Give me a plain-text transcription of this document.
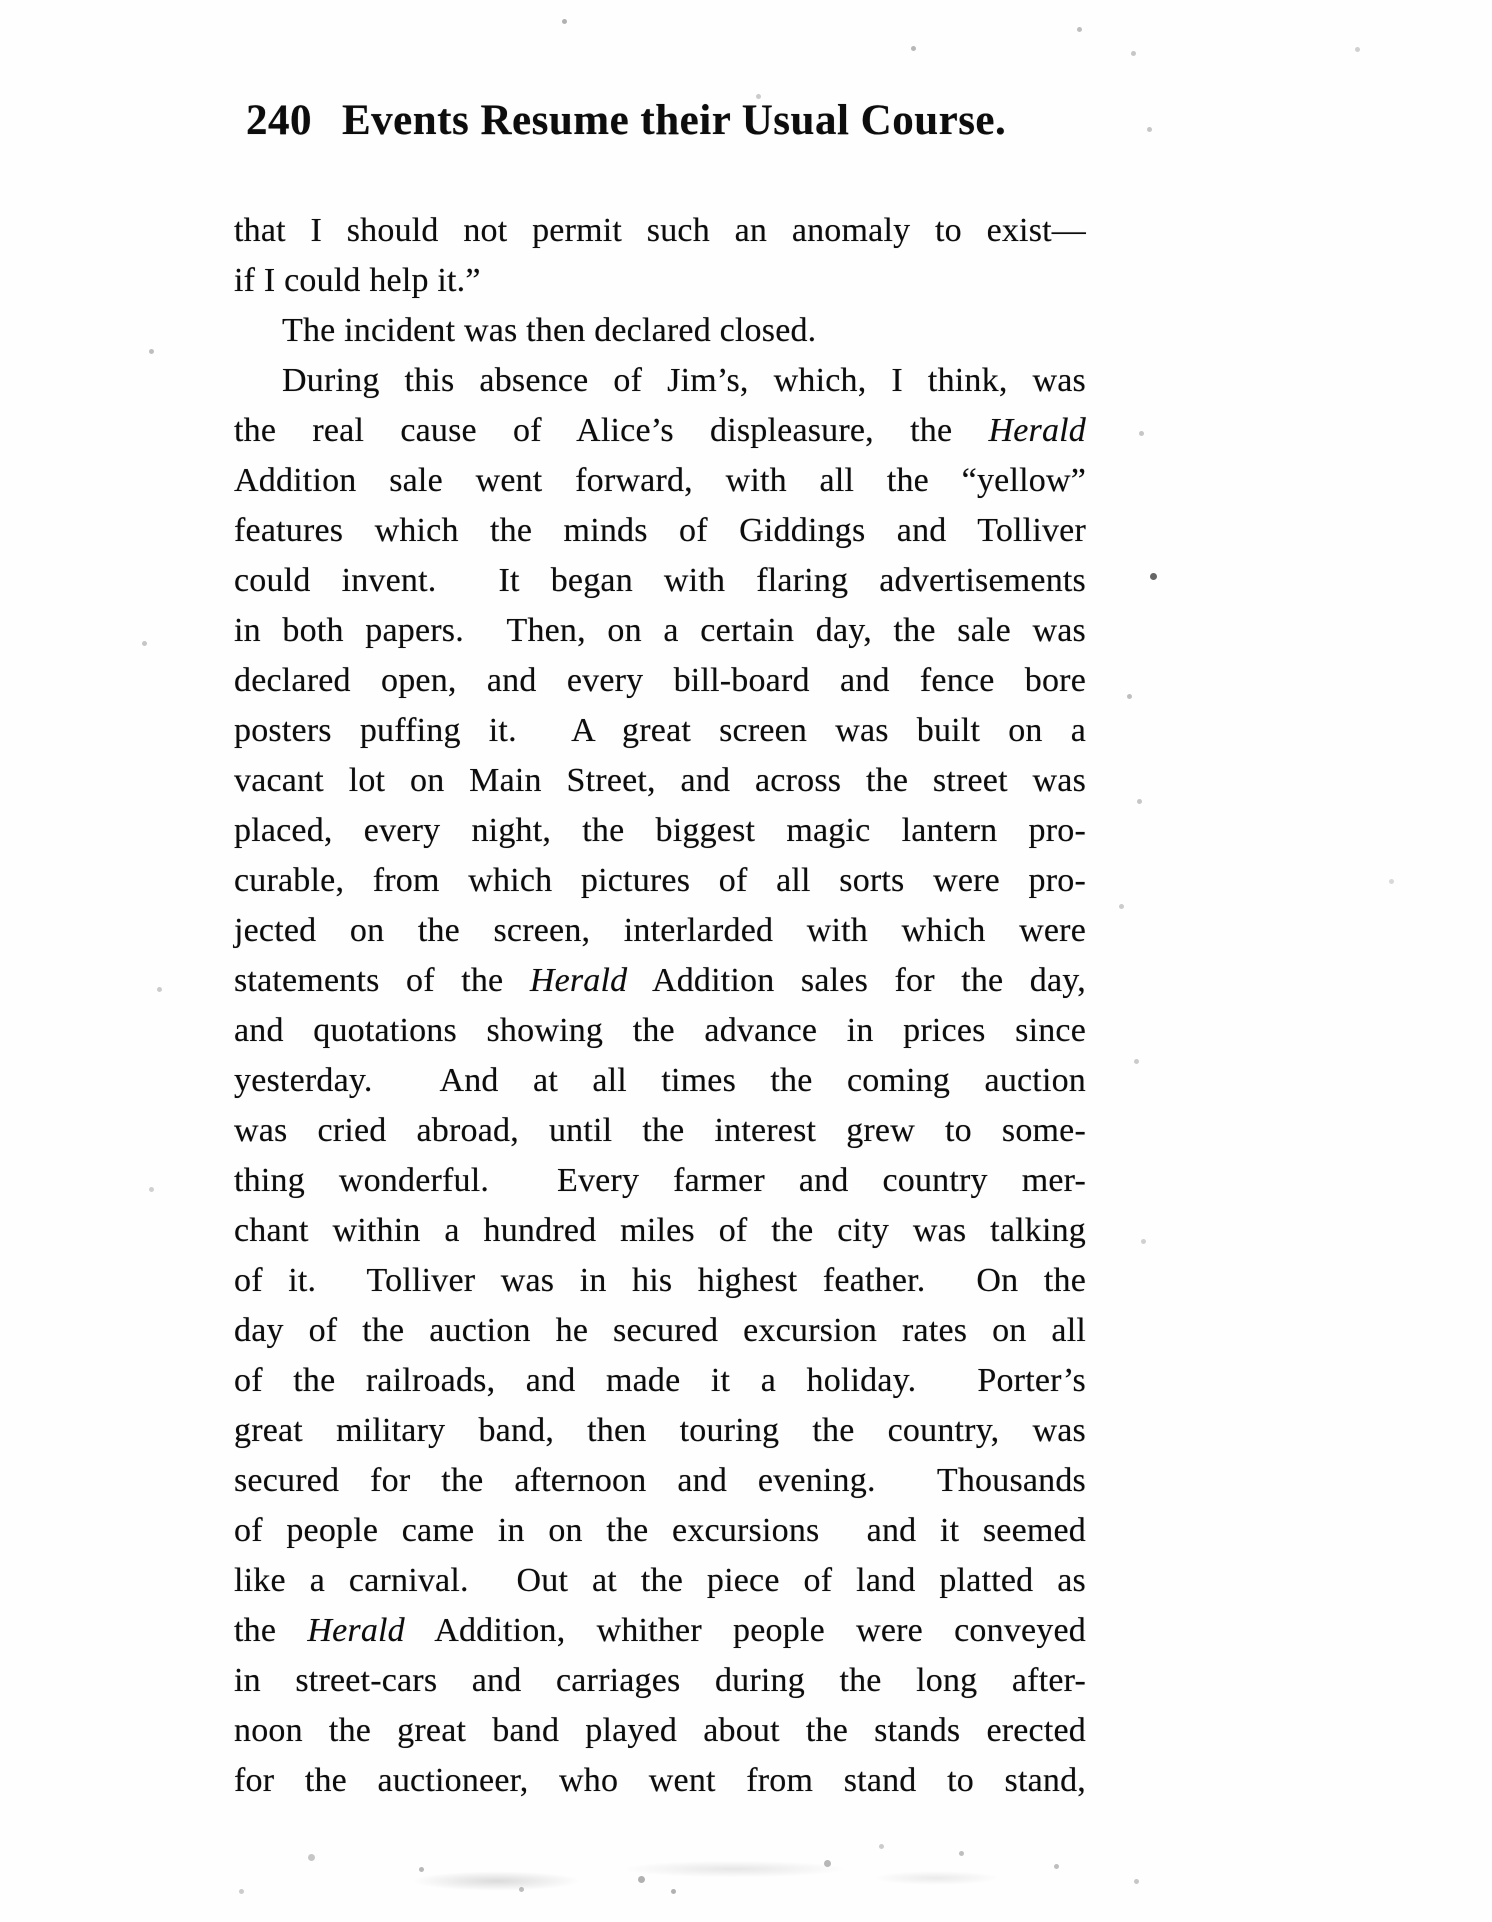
240 Events Resume their Usual Course.
that I should not permit such an anomaly to exist—
if I could help it.”
The incident was then declared closed.
During this absence of Jim’s, which, I think, was
the real cause of Alice’s displeasure, the Herald
Addition sale went forward, with all the “yellow”
features which the minds of Giddings and Tolliver
could invent.  It began with flaring advertisements
in both papers.  Then, on a certain day, the sale was
declared open, and every bill-board and fence bore
posters puffing it.  A great screen was built on a
vacant lot on Main Street, and across the street was
placed, every night, the biggest magic lantern pro-
curable, from which pictures of all sorts were pro-
jected on the screen, interlarded with which were
statements of the Herald Addition sales for the day,
and quotations showing the advance in prices since
yesterday.  And at all times the coming auction
was cried abroad, until the interest grew to some-
thing wonderful.  Every farmer and country mer-
chant within a hundred miles of the city was talking
of it.  Tolliver was in his highest feather.  On the
day of the auction he secured excursion rates on all
of the railroads, and made it a holiday.  Porter’s
great military band, then touring the country, was
secured for the afternoon and evening.  Thousands
of people came in on the excursions  and it seemed
like a carnival.  Out at the piece of land platted as
the Herald Addition, whither people were conveyed
in street-cars and carriages during the long after-
noon the great band played about the stands erected
for the auctioneer, who went from stand to stand,
